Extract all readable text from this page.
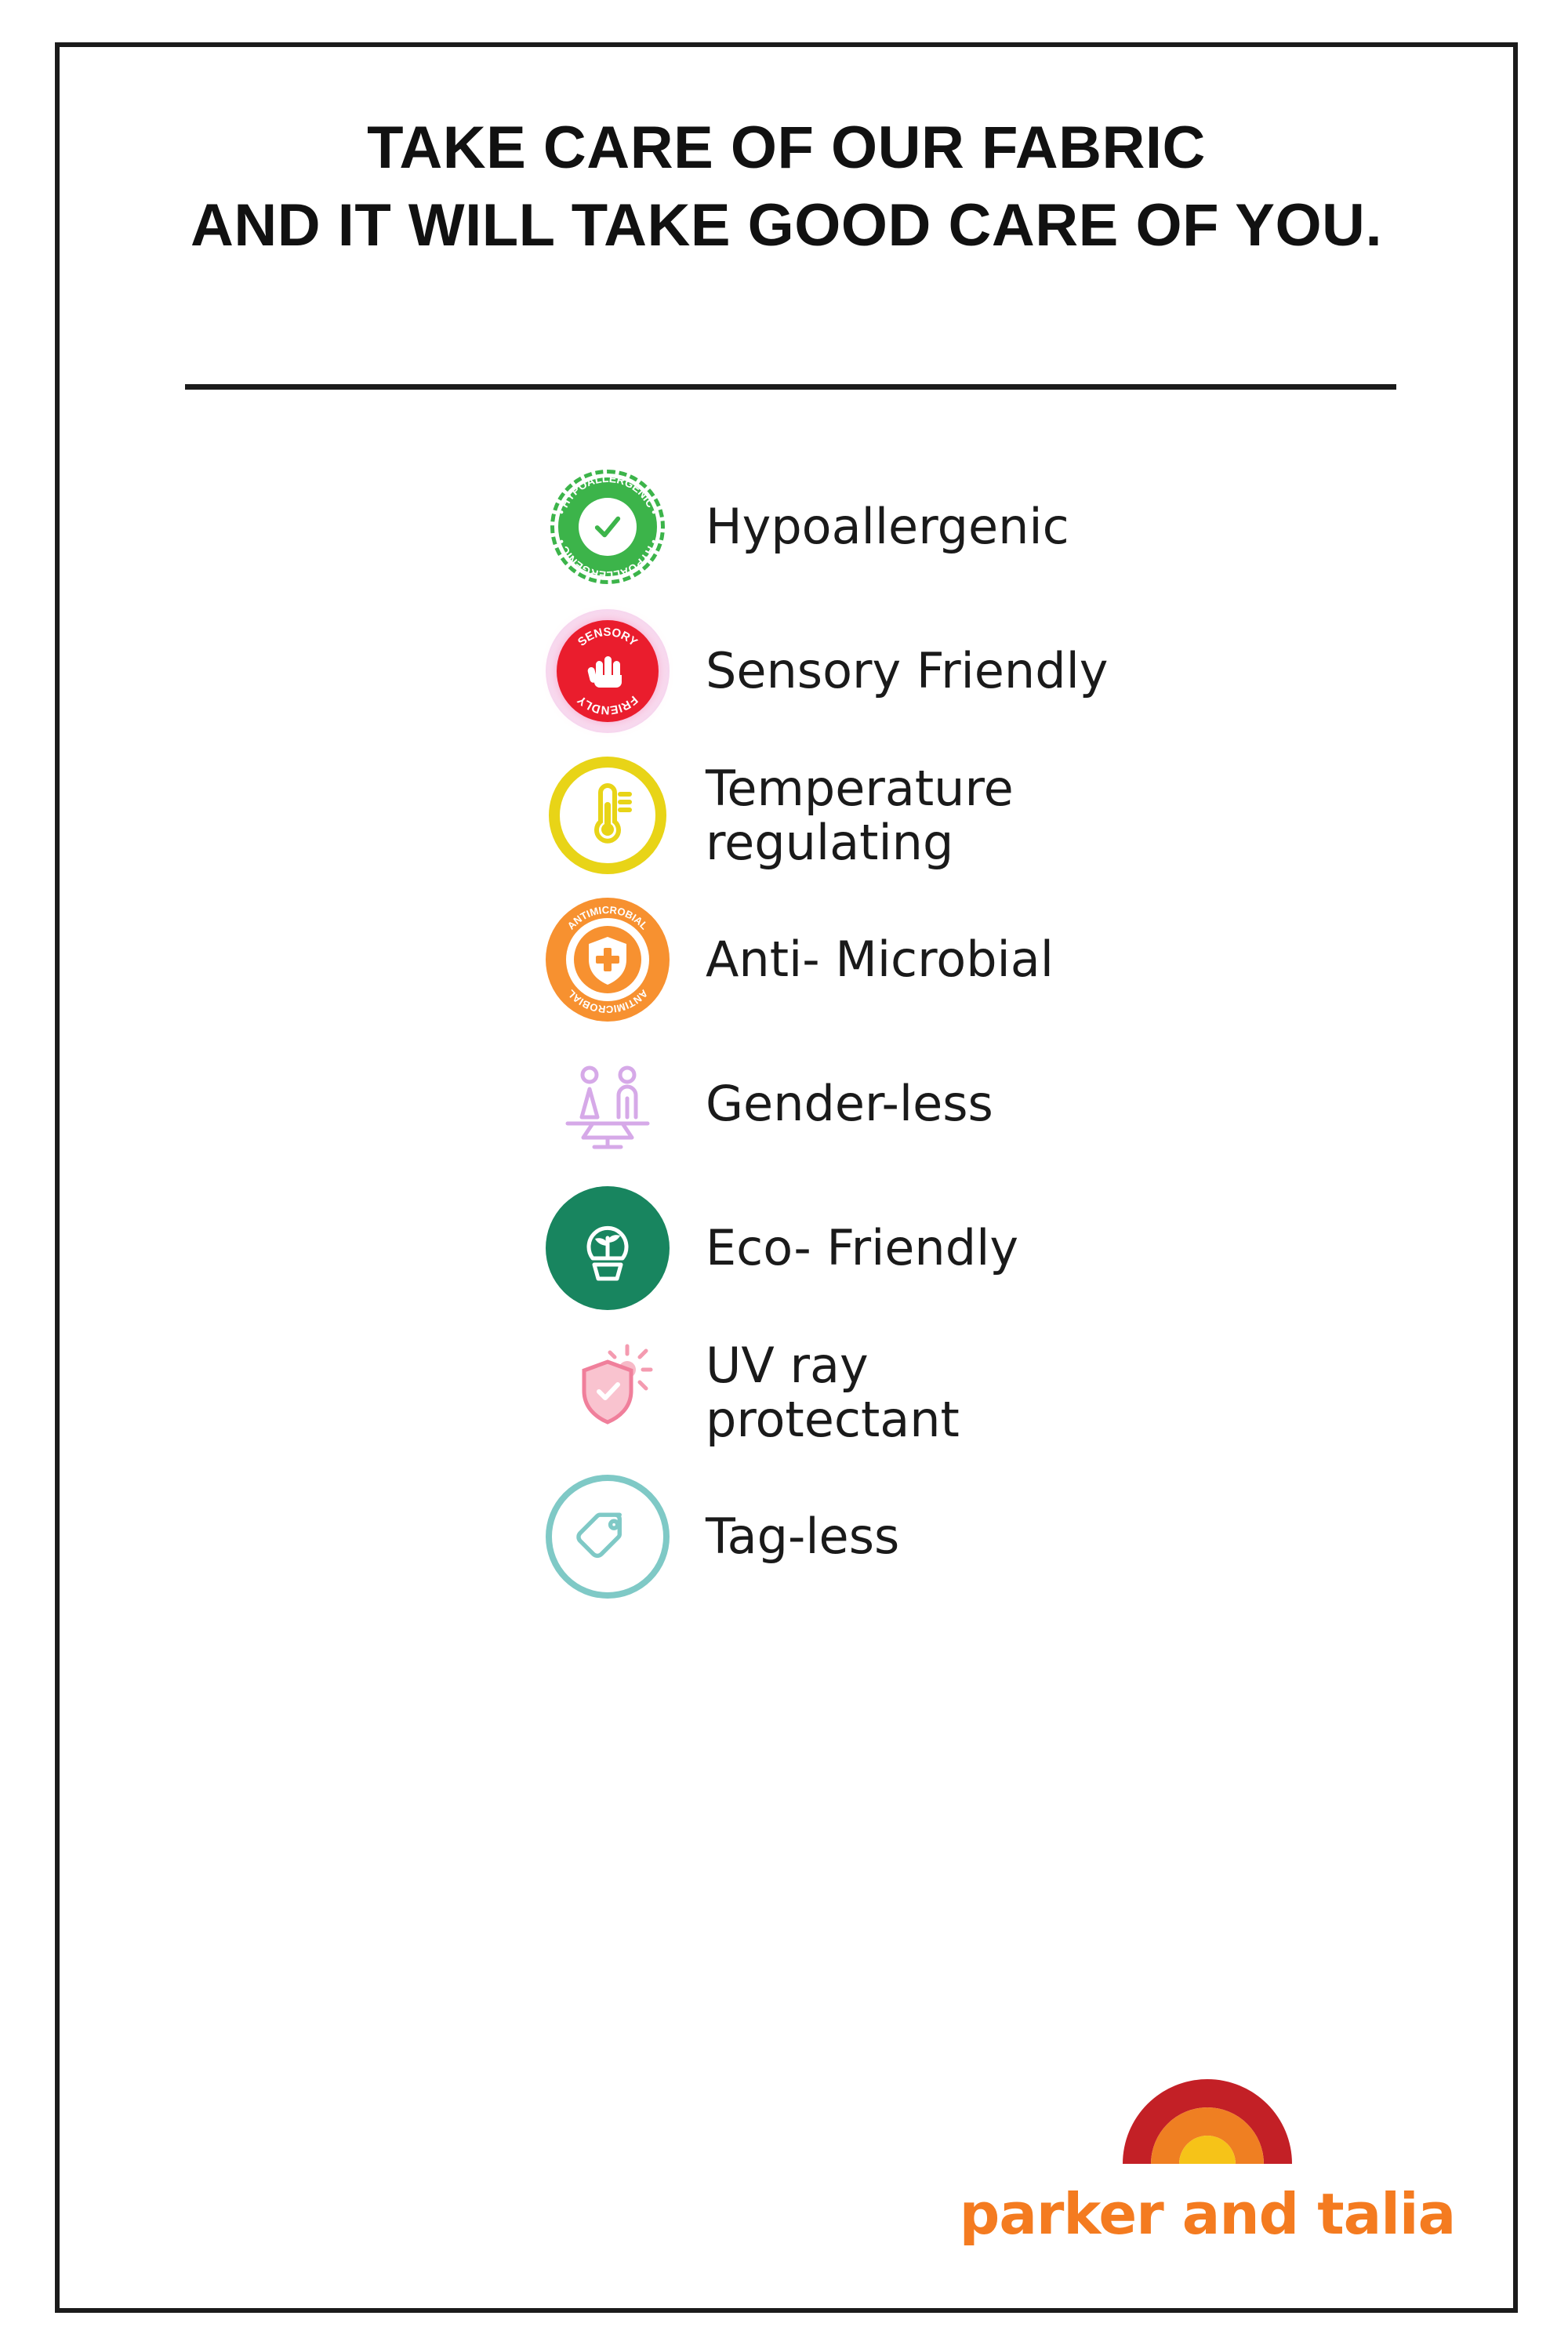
TAKE CARE OF OUR FABRIC
AND IT WILL TAKE GOOD CARE OF YOU.
• HYPOALLERGENIC •
• HYPOALLERGENIC •	Hypoallergenic
SENSORY
FRIENDLY
Sensory Friendly
Temperature
regulating
ANTIMICROBIAL
ANTIMICROBIAL
Anti- Microbial
Gender-less
Eco- Friendly
UV ray
protectant
Tag-less
parker and talia
